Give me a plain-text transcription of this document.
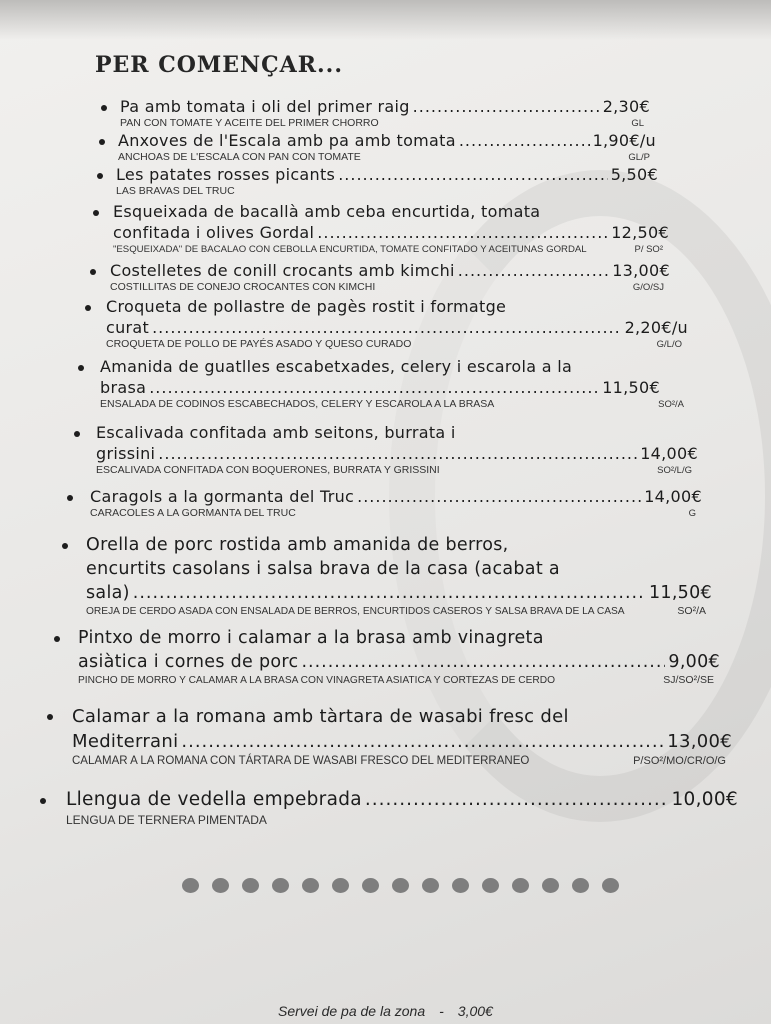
PER COMENÇAR...
Pa amb tomata i oli del primer raig .....	2,30€
PAN CON TOMATE Y ACEITE DEL PRIMER CHORRO	GL
Anxoves de l'Escala amb pa amb tomata .....	1,90€/u
ANCHOAS DE L'ESCALA CON PAN CON TOMATE	GL/P
Les patates rosses picants .....	5,50€
LAS BRAVAS DEL TRUC
Esqueixada de bacallà amb ceba encurtida, tomata
confitada i olives Gordal .....	12,50€
"ESQUEIXADA" DE BACALAO CON CEBOLLA ENCURTIDA, TOMATE CONFITADO Y ACEITUNAS GORDAL	P/ SO²
Costelletes de conill crocants amb kimchi .....	13,00€
COSTILLITAS DE CONEJO CROCANTES CON KIMCHI	G/O/SJ
Croqueta de pollastre de pagès rostit i formatge
curat .....	2,20€/u
CROQUETA DE POLLO DE PAYÉS ASADO Y QUESO CURADO	G/L/O
Amanida de guatlles escabetxades, celery i escarola a la
brasa .....	11,50€
ENSALADA DE CODINOS ESCABECHADOS, CELERY Y ESCAROLA A LA BRASA	SO²/A
Escalivada confitada amb seitons, burrata i
grissini .....	14,00€
ESCALIVADA CONFITADA CON BOQUERONES, BURRATA Y GRISSINI	SO²/L/G
Caragols a la gormanta del Truc .....	14,00€
CARACOLES A LA GORMANTA DEL TRUC	G
Orella de porc rostida amb amanida de berros,
encurtits casolans i salsa brava de la casa (acabat a
sala) .....	11,50€
OREJA DE CERDO ASADA CON ENSALADA DE BERROS, ENCURTIDOS CASEROS Y SALSA BRAVA DE LA CASA	SO²/A
Pintxo de morro i calamar a la brasa amb vinagreta
asiàtica i cornes de porc .....	9,00€
PINCHO DE MORRO Y CALAMAR A LA BRASA CON VINAGRETA ASIATICA Y CORTEZAS DE CERDO	SJ/SO²/SE
Calamar a la romana amb tàrtara de wasabi fresc del
Mediterrani .....	13,00€
CALAMAR A LA ROMANA CON TÁRTARA DE WASABI FRESCO DEL MEDITERRANEO	P/SO²/MO/CR/O/G
Llengua de vedella empebrada .....	10,00€
LENGUA DE TERNERA PIMENTADA
Servei de pa de la zona - 3,00€
